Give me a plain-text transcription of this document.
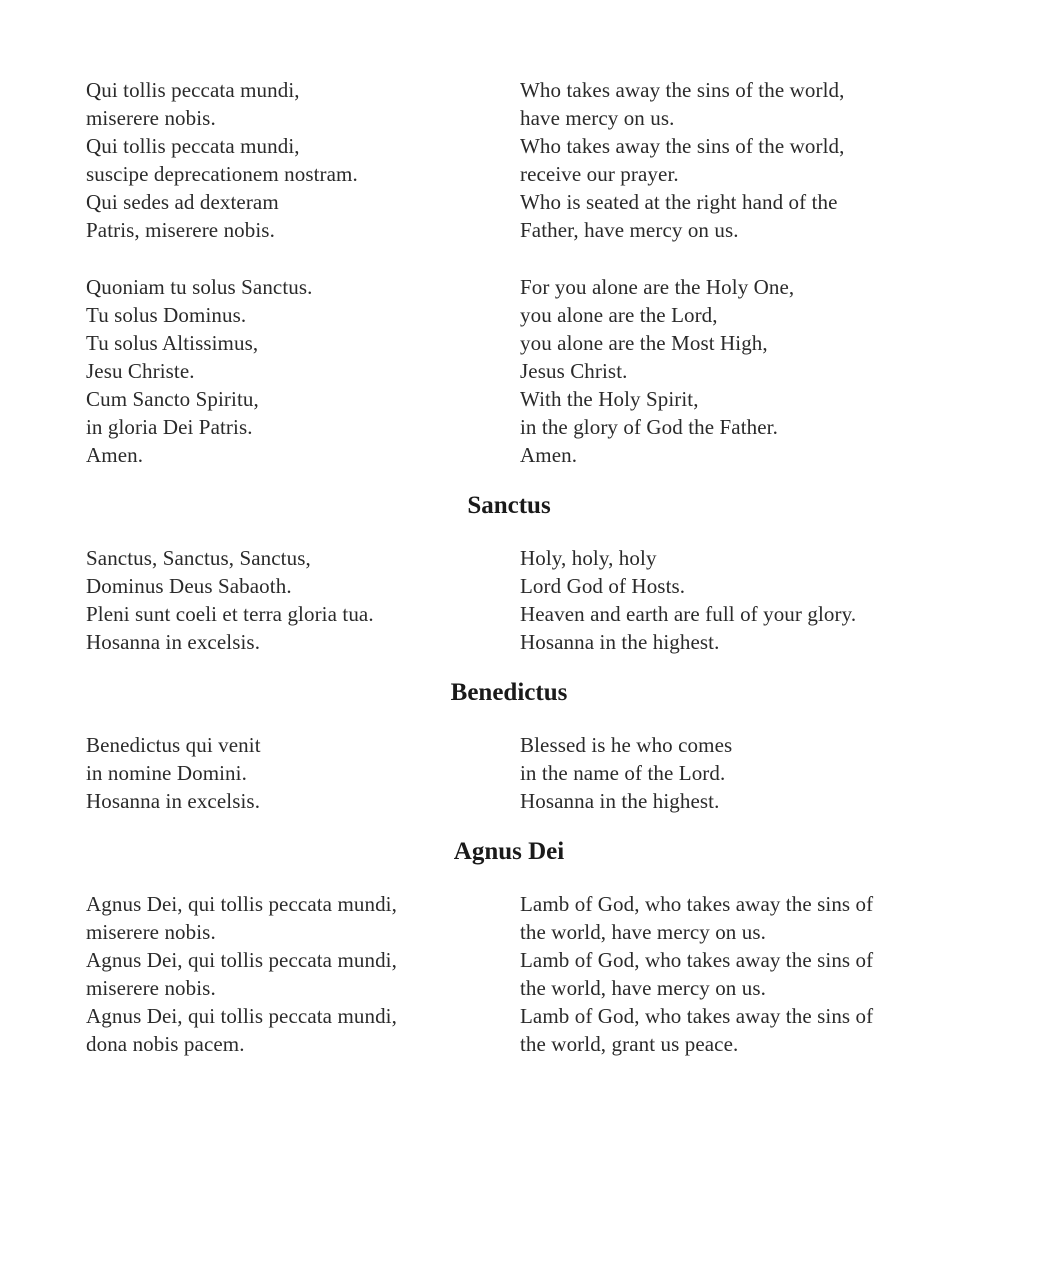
Qui tollis peccata mundi,
miserere nobis.
Qui tollis peccata mundi,
suscipe deprecationem nostram.
Qui sedes ad dexteram
Patris, miserere nobis.
Who takes away the sins of the world,
have mercy on us.
Who takes away the sins of the world,
receive our prayer.
Who is seated at the right hand of the
Father, have mercy on us.
Quoniam tu solus Sanctus.
Tu solus Dominus.
Tu solus Altissimus,
Jesu Christe.
Cum Sancto Spiritu,
in gloria Dei Patris.
Amen.
For you alone are the Holy One,
you alone are the Lord,
you alone are the Most High,
Jesus Christ.
With the Holy Spirit,
in the glory of God the Father.
Amen.
Sanctus
Sanctus, Sanctus, Sanctus,
Dominus Deus Sabaoth.
Pleni sunt coeli et terra gloria tua.
Hosanna in excelsis.
Holy, holy, holy
Lord God of Hosts.
Heaven and earth are full of your glory.
Hosanna in the highest.
Benedictus
Benedictus qui venit
in nomine Domini.
Hosanna in excelsis.
Blessed is he who comes
in the name of the Lord.
Hosanna in the highest.
Agnus Dei
Agnus Dei, qui tollis peccata mundi,
miserere nobis.
Agnus Dei, qui tollis peccata mundi,
miserere nobis.
Agnus Dei, qui tollis peccata mundi,
dona nobis pacem.
Lamb of God, who takes away the sins of
the world, have mercy on us.
Lamb of God, who takes away the sins of
the world, have mercy on us.
Lamb of God, who takes away the sins of
the world, grant us peace.
